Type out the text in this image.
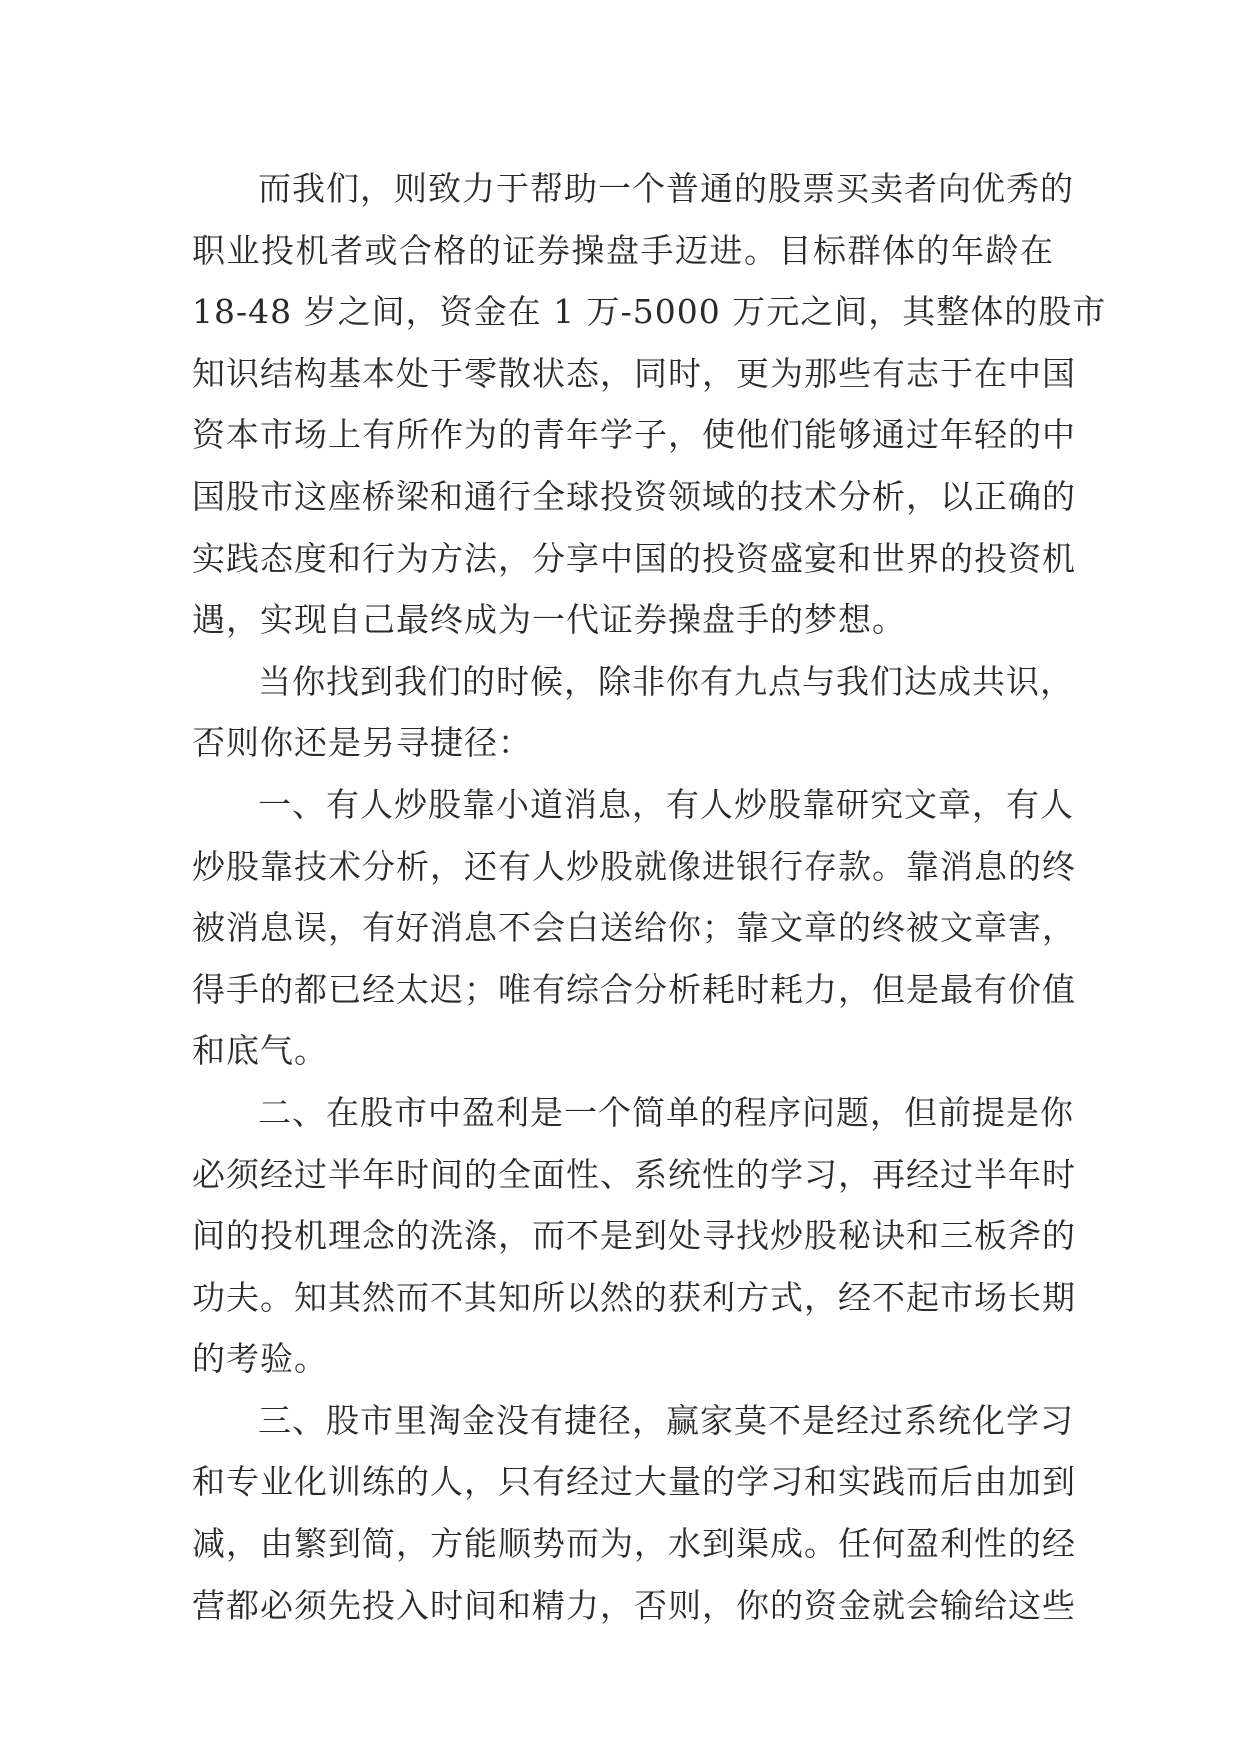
而我们，则致力于帮助一个普通的股票买卖者向优秀的
职业投机者或合格的证券操盘手迈进。目标群体的年龄在
18-48 岁之间，资金在 1 万-5000 万元之间，其整体的股市
知识结构基本处于零散状态，同时，更为那些有志于在中国
资本市场上有所作为的青年学子，使他们能够通过年轻的中
国股市这座桥梁和通行全球投资领域的技术分析，以正确的
实践态度和行为方法，分享中国的投资盛宴和世界的投资机
遇，实现自己最终成为一代证券操盘手的梦想。
当你找到我们的时候，除非你有九点与我们达成共识，
否则你还是另寻捷径：
一、有人炒股靠小道消息，有人炒股靠研究文章，有人
炒股靠技术分析，还有人炒股就像进银行存款。靠消息的终
被消息误，有好消息不会白送给你；靠文章的终被文章害，
得手的都已经太迟；唯有综合分析耗时耗力，但是最有价值
和底气。
二、在股市中盈利是一个简单的程序问题，但前提是你
必须经过半年时间的全面性、系统性的学习，再经过半年时
间的投机理念的洗涤，而不是到处寻找炒股秘诀和三板斧的
功夫。知其然而不其知所以然的获利方式，经不起市场长期
的考验。
三、股市里淘金没有捷径，赢家莫不是经过系统化学习
和专业化训练的人，只有经过大量的学习和实践而后由加到
减，由繁到简，方能顺势而为，水到渠成。任何盈利性的经
营都必须先投入时间和精力，否则，你的资金就会输给这些
